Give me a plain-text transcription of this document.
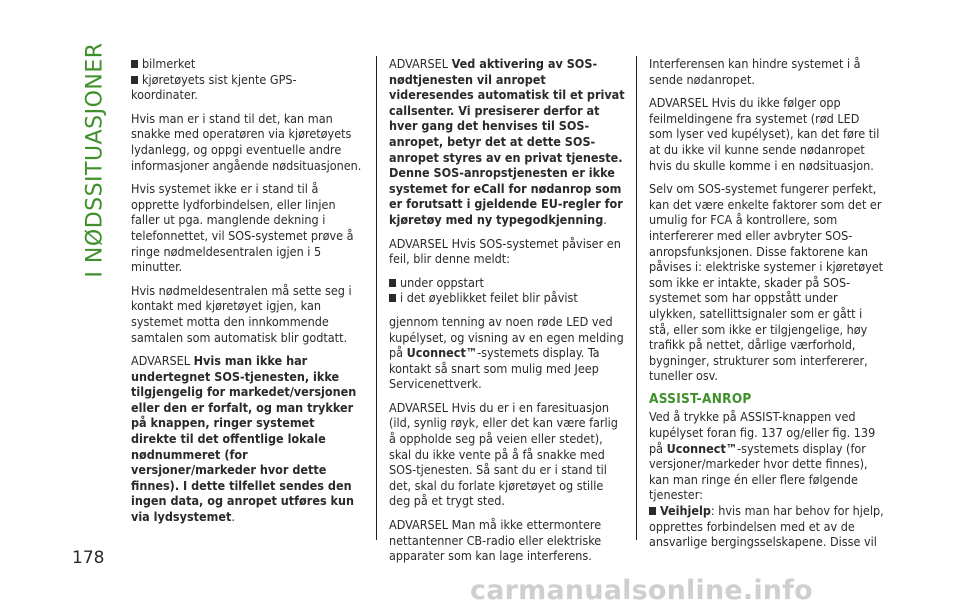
I NØDSSITUASJONER	bilmerket

kjøretøyets sist kjente GPS-koordinater.

Hvis man er i stand til det, kan man snakke med operatøren via kjøretøyets lydanlegg, og oppgi eventuelle andre informasjoner angående nødsituasjonen.

Hvis systemet ikke er i stand til å opprette lydforbindelsen, eller linjen faller ut pga. manglende dekning i telefonnettet, vil SOS-systemet prøve å ringe nødmeldesentralen igjen i 5 minutter.

Hvis nødmeldesentralen må sette seg i kontakt med kjøretøyet igjen, kan systemet motta den innkommende samtalen som automatisk blir godtatt.

ADVARSEL Hvis man ikke har undertegnet SOS-tjenesten, ikke tilgjengelig for markedet/versjonen eller den er forfalt, og man trykker på knappen, ringer systemet direkte til det offentlige lokale nødnummeret (for versjoner/markeder hvor dette finnes). I dette tilfellet sendes den ingen data, og anropet utføres kun via lydsystemet.

ADVARSEL Ved aktivering av SOS-nødtjenesten vil anropet videresendes automatisk til et privat callsenter. Vi presiserer derfor at hver gang det henvises til SOS-anropet, betyr det at dette SOS-anropet styres av en privat tjeneste. Denne SOS-anropstjenesten er ikke systemet for eCall for nødanrop som er forutsatt i gjeldende EU-regler for kjøretøy med ny typegodkjenning.

ADVARSEL Hvis SOS-systemet påviser en feil, blir denne meldt:

under oppstart

i det øyeblikket feilet blir påvist

gjennom tenning av noen røde LED ved kupélyset, og visning av en egen melding på Uconnect™-systemets display. Ta kontakt så snart som mulig med Jeep Servicenettverk.

ADVARSEL Hvis du er i en faresituasjon (ild, synlig røyk, eller det kan være farlig å oppholde seg på veien eller stedet), skal du ikke vente på å få snakke med SOS-tjenesten. Så sant du er i stand til det, skal du forlate kjøretøyet og stille deg på et trygt sted.

ADVARSEL Man må ikke ettermontere nettantenner CB-radio eller elektriske apparater som kan lage interferens.

Interferensen kan hindre systemet i å sende nødanropet.

ADVARSEL Hvis du ikke følger opp feilmeldingene fra systemet (rød LED som lyser ved kupélyset), kan det føre til at du ikke vil kunne sende nødanropet hvis du skulle komme i en nødsituasjon.

Selv om SOS-systemet fungerer perfekt, kan det være enkelte faktorer som det er umulig for FCA å kontrollere, som interfererer med eller avbryter SOS-anropsfunksjonen. Disse faktorene kan påvises i: elektriske systemer i kjøretøyet som ikke er intakte, skader på SOS-systemet som har oppstått under ulykken, satellittsignaler som er gått i stå, eller som ikke er tilgjengelige, høy trafikk på nettet, dårlige værforhold, bygninger, strukturer som interfererer, tuneller osv.

ASSIST-ANROP

Ved å trykke på ASSIST-knappen ved kupélyset foran fig. 137 og/eller fig. 139 på Uconnect™-systemets display (for versjoner/markeder hvor dette finnes), kan man ringe én eller flere følgende tjenester:

Veihjelp: hvis man har behov for hjelp, opprettes forbindelsen med et av de ansvarlige bergingsselskapene. Disse vil

178
carmanualsonline.info
